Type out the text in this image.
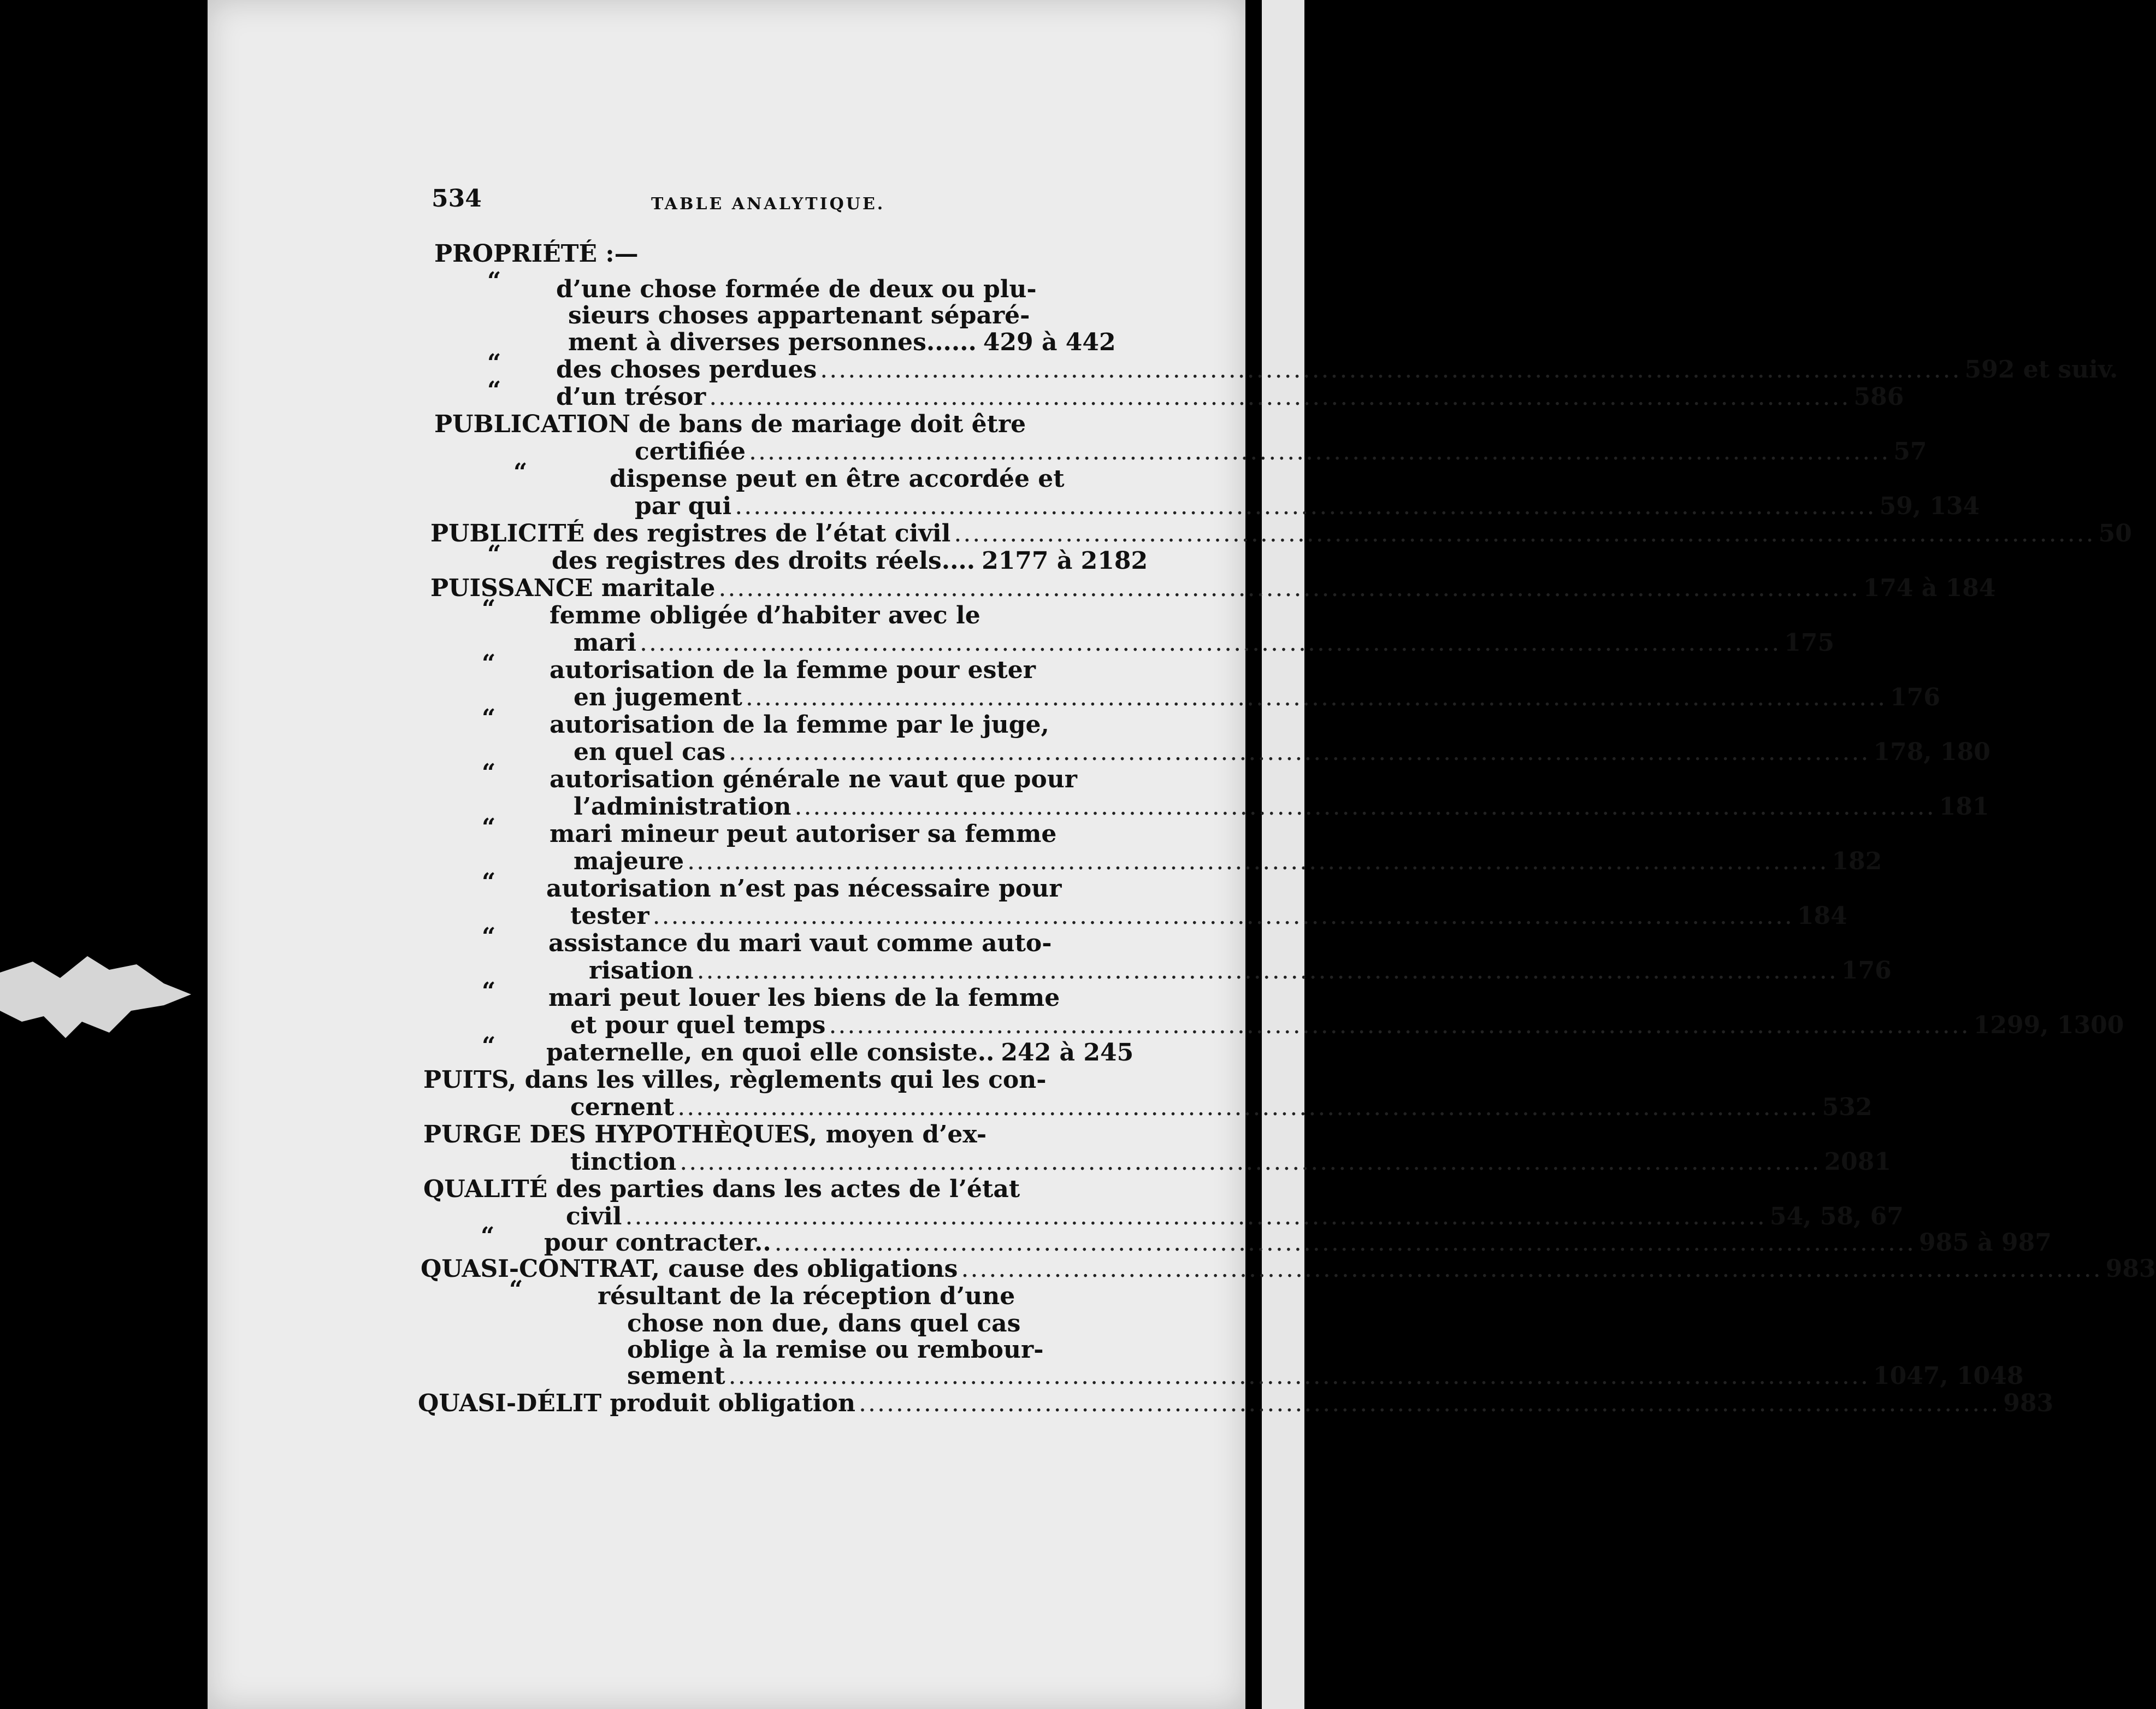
534	TABLE ANALYTIQUE.
PROPRIÉTÉ :—
“ d’une chose formée de deux ou plu-
sieurs choses appartenant séparé-
ment à diverses personnes...... 429 à 442
“ des choses perdues ........................................................................................................................... 592 et suiv.
“ d’un trésor ........................................................................................................................... 586
PUBLICATION de bans de mariage doit être
certifiée ........................................................................................................................... 57
“	dispense peut en être accordée et
par qui ........................................................................................................................... 59, 134
PUBLICITÉ des registres de l’état civil ........................................................................................................................... 50
“ des registres des droits réels.... 2177 à 2182
PUISSANCE maritale ........................................................................................................................... 174 à 184
“ femme obligée d’habiter avec le
mari ........................................................................................................................... 175
“ autorisation de la femme pour ester
en jugement ........................................................................................................................... 176
“ autorisation de la femme par le juge,
en quel cas ........................................................................................................................... 178, 180
“ autorisation générale ne vaut que pour
l’administration ........................................................................................................................... 181
“ mari mineur peut autoriser sa femme
majeure ........................................................................................................................... 182
“ autorisation n’est pas nécessaire pour
tester ........................................................................................................................... 184
“ assistance du mari vaut comme auto-
risation ........................................................................................................................... 176
“ mari peut louer les biens de la femme
et pour quel temps ........................................................................................................................... 1299, 1300
“ paternelle, en quoi elle consiste.. 242 à 245
PUITS, dans les villes, règlements qui les con-
cernent ........................................................................................................................... 532
PURGE DES HYPOTHÈQUES, moyen d’ex-
tinction ........................................................................................................................... 2081
QUALITÉ des parties dans les actes de l’état
civil ........................................................................................................................... 54, 58, 67
“ pour contracter.. ........................................................................................................................... 985 à 987
QUASI-CONTRAT, cause des obligations ........................................................................................................................... 983
“	résultant de la réception d’une
chose non due, dans quel cas
oblige à la remise ou rembour-
sement ........................................................................................................................... 1047, 1048
QUASI-DÉLIT produit obligation ........................................................................................................................... 983
